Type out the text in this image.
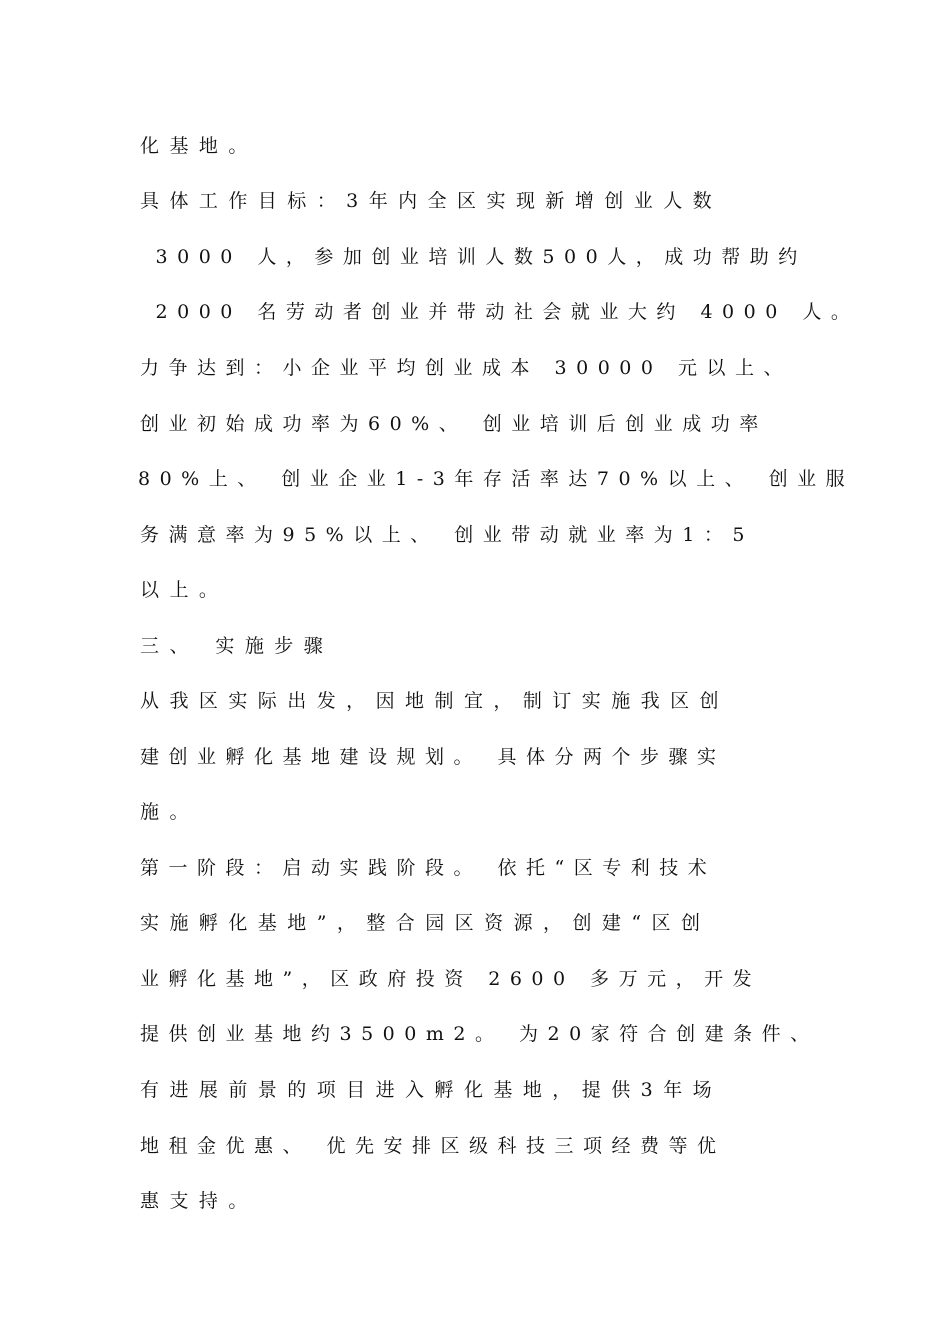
化基地。
具体工作目标：3年内全区实现新增创业人数
3000 人，参加创业培训人数500人，成功帮助约
2000 名劳动者创业并带动社会就业大约 4000 人。
力争达到：小企业平均创业成本 30000 元以上、
创业初始成功率为60%、 创业培训后创业成功率
80%上、 创业企业1-3年存活率达70%以上、 创业服
务满意率为95%以上、 创业带动就业率为1：5
以上。
三、 实施步骤
从我区实际出发，因地制宜，制订实施我区创
建创业孵化基地建设规划。 具体分两个步骤实
施。
第一阶段：启动实践阶段。 依托“区专利技术
实施孵化基地”，整合园区资源，创建“区创
业孵化基地”，区政府投资 2600 多万元，开发
提供创业基地约3500m2。 为20家符合创建条件、
有进展前景的项目进入孵化基地，提供3年场
地租金优惠、 优先安排区级科技三项经费等优
惠支持。
